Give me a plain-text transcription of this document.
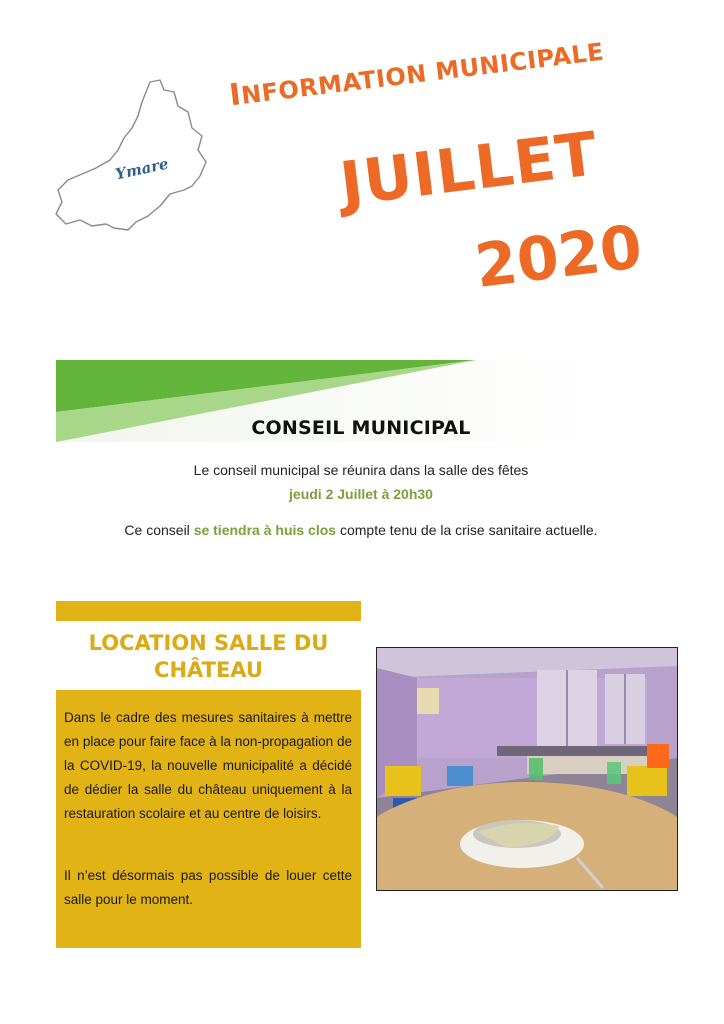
Ymare
INFORMATION MUNICIPALE
JUILLET
2020
CONSEIL MUNICIPAL
Le conseil municipal se réunira dans la salle des fêtes
jeudi 2 Juillet à 20h30
Ce conseil se tiendra à huis clos compte tenu de la crise sanitaire actuelle.
LOCATION SALLE DU
CHÂTEAU
Dans le cadre des mesures sanitaires à mettre en place pour faire face à la non-propagation de la COVID-19, la nouvelle municipalité a décidé de dédier la salle du château uniquement à la restauration scolaire et au centre de loisirs.
Il n’est désormais pas possible de louer cette salle pour le moment.
